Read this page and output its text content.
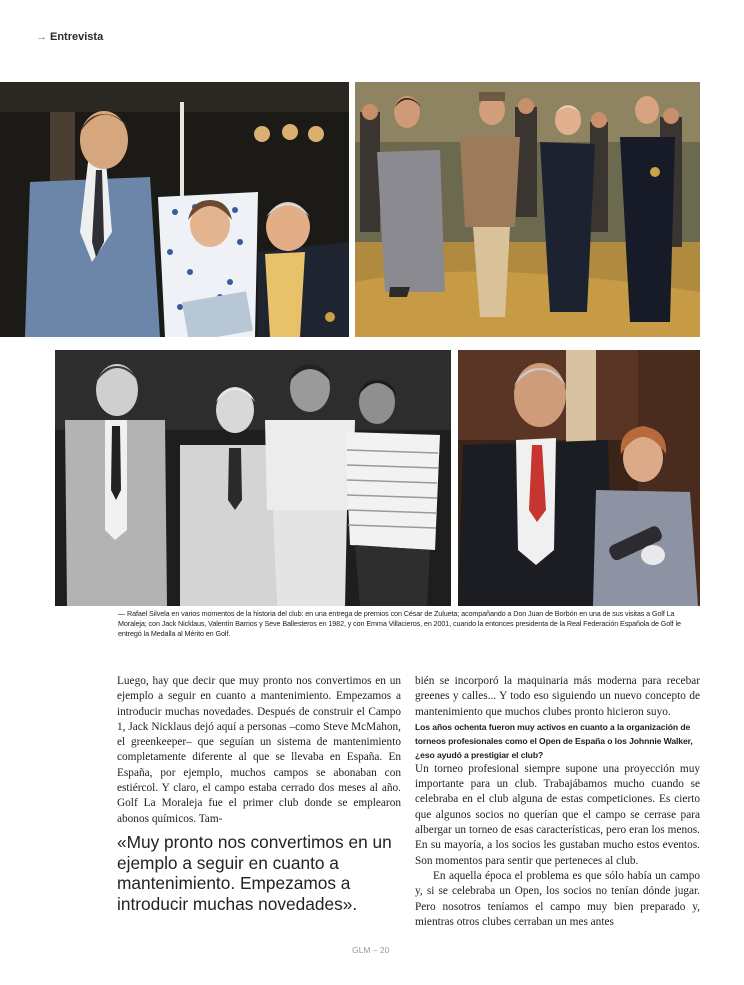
→ Entrevista
— Rafael Silvela en varios momentos de la historia del club: en una entrega de premios con César de Zulueta; acompañando a Don Juan de Borbón en una de sus visitas a Golf La Moraleja; con Jack Nicklaus, Valentín Barrios y Seve Ballesteros en 1982, y con Emma Villacieros, en 2001, cuando la entonces presidenta de la Real Federación Española de Golf le entregó la Medalla al Mérito en Golf.

Luego, hay que decir que muy pronto nos convertimos en un ejemplo a seguir en cuanto a mantenimiento. Empezamos a introducir muchas novedades. Después de construir el Campo 1, Jack Nicklaus dejó aquí a personas –como Steve McMahon, el greenkeeper– que seguían un sistema de mantenimiento completamente diferente al que se llevaba en España. En España, por ejemplo, muchos campos se abonaban con estiércol. Y claro, el campo estaba cerrado dos meses al año. Golf La Moraleja fue el primer club donde se emplearon abonos químicos. Tam-

«Muy pronto nos convertimos en un ejemplo a seguir en cuanto a mantenimiento. Empezamos a introducir muchas novedades».

bién se incorporó la maquinaria más moderna para recebar greenes y calles... Y todo eso siguiendo un nuevo concepto de mantenimiento que muchos clubes pronto hicieron suyo.

Los años ochenta fueron muy activos en cuanto a la organización de torneos profesionales como el Open de España o los Johnnie Walker, ¿eso ayudó a prestigiar el club?

Un torneo profesional siempre supone una proyección muy importante para un club. Trabajábamos mucho cuando se celebraba en el club alguna de estas competiciones. Es cierto que algunos socios no querían que el campo se cerrase para albergar un torneo de esas características, pero eran los menos. En su mayoría, a los socios les gustaban mucho estos eventos. Son momentos para sentir que perteneces al club.

En aquella época el problema es que sólo había un campo y, si se celebraba un Open, los socios no tenían dónde jugar. Pero nosotros teníamos el campo muy bien preparado y, mientras otros clubes cerraban un mes antes

GLM – 20
